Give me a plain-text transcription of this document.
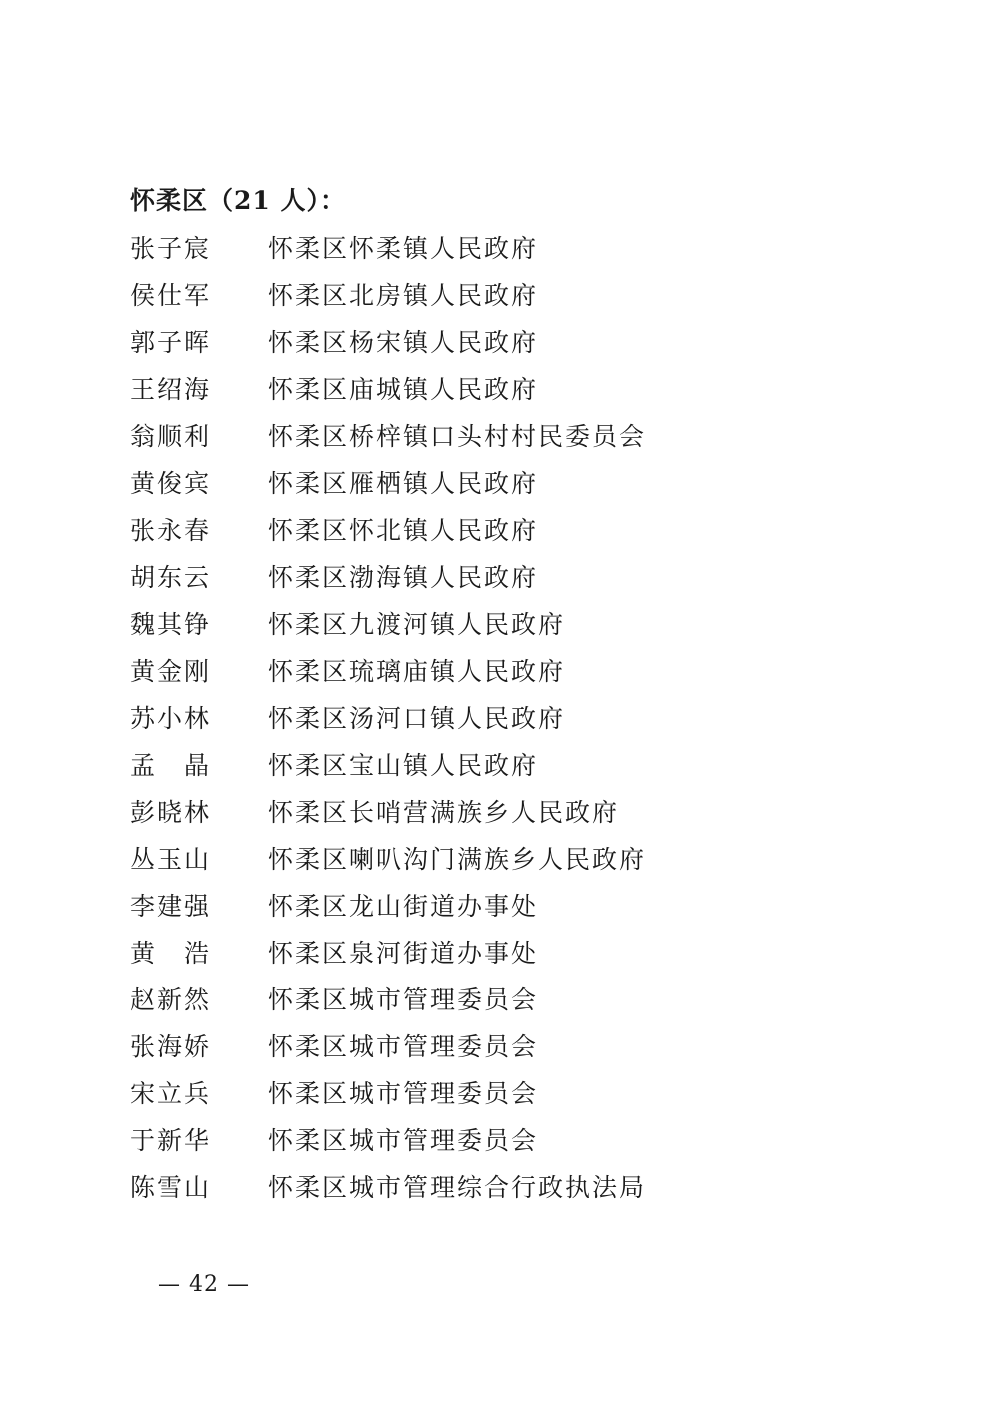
怀柔区（21 人）：
张子宸	怀柔区怀柔镇人民政府
侯仕军	怀柔区北房镇人民政府
郭子晖	怀柔区杨宋镇人民政府
王绍海	怀柔区庙城镇人民政府
翁顺利	怀柔区桥梓镇口头村村民委员会
黄俊宾	怀柔区雁栖镇人民政府
张永春	怀柔区怀北镇人民政府
胡东云	怀柔区渤海镇人民政府
魏其铮	怀柔区九渡河镇人民政府
黄金刚	怀柔区琉璃庙镇人民政府
苏小林	怀柔区汤河口镇人民政府
孟　晶	怀柔区宝山镇人民政府
彭晓林	怀柔区长哨营满族乡人民政府
丛玉山	怀柔区喇叭沟门满族乡人民政府
李建强	怀柔区龙山街道办事处
黄　浩	怀柔区泉河街道办事处
赵新然	怀柔区城市管理委员会
张海娇	怀柔区城市管理委员会
宋立兵	怀柔区城市管理委员会
于新华	怀柔区城市管理委员会
陈雪山	怀柔区城市管理综合行政执法局
— 42 —
